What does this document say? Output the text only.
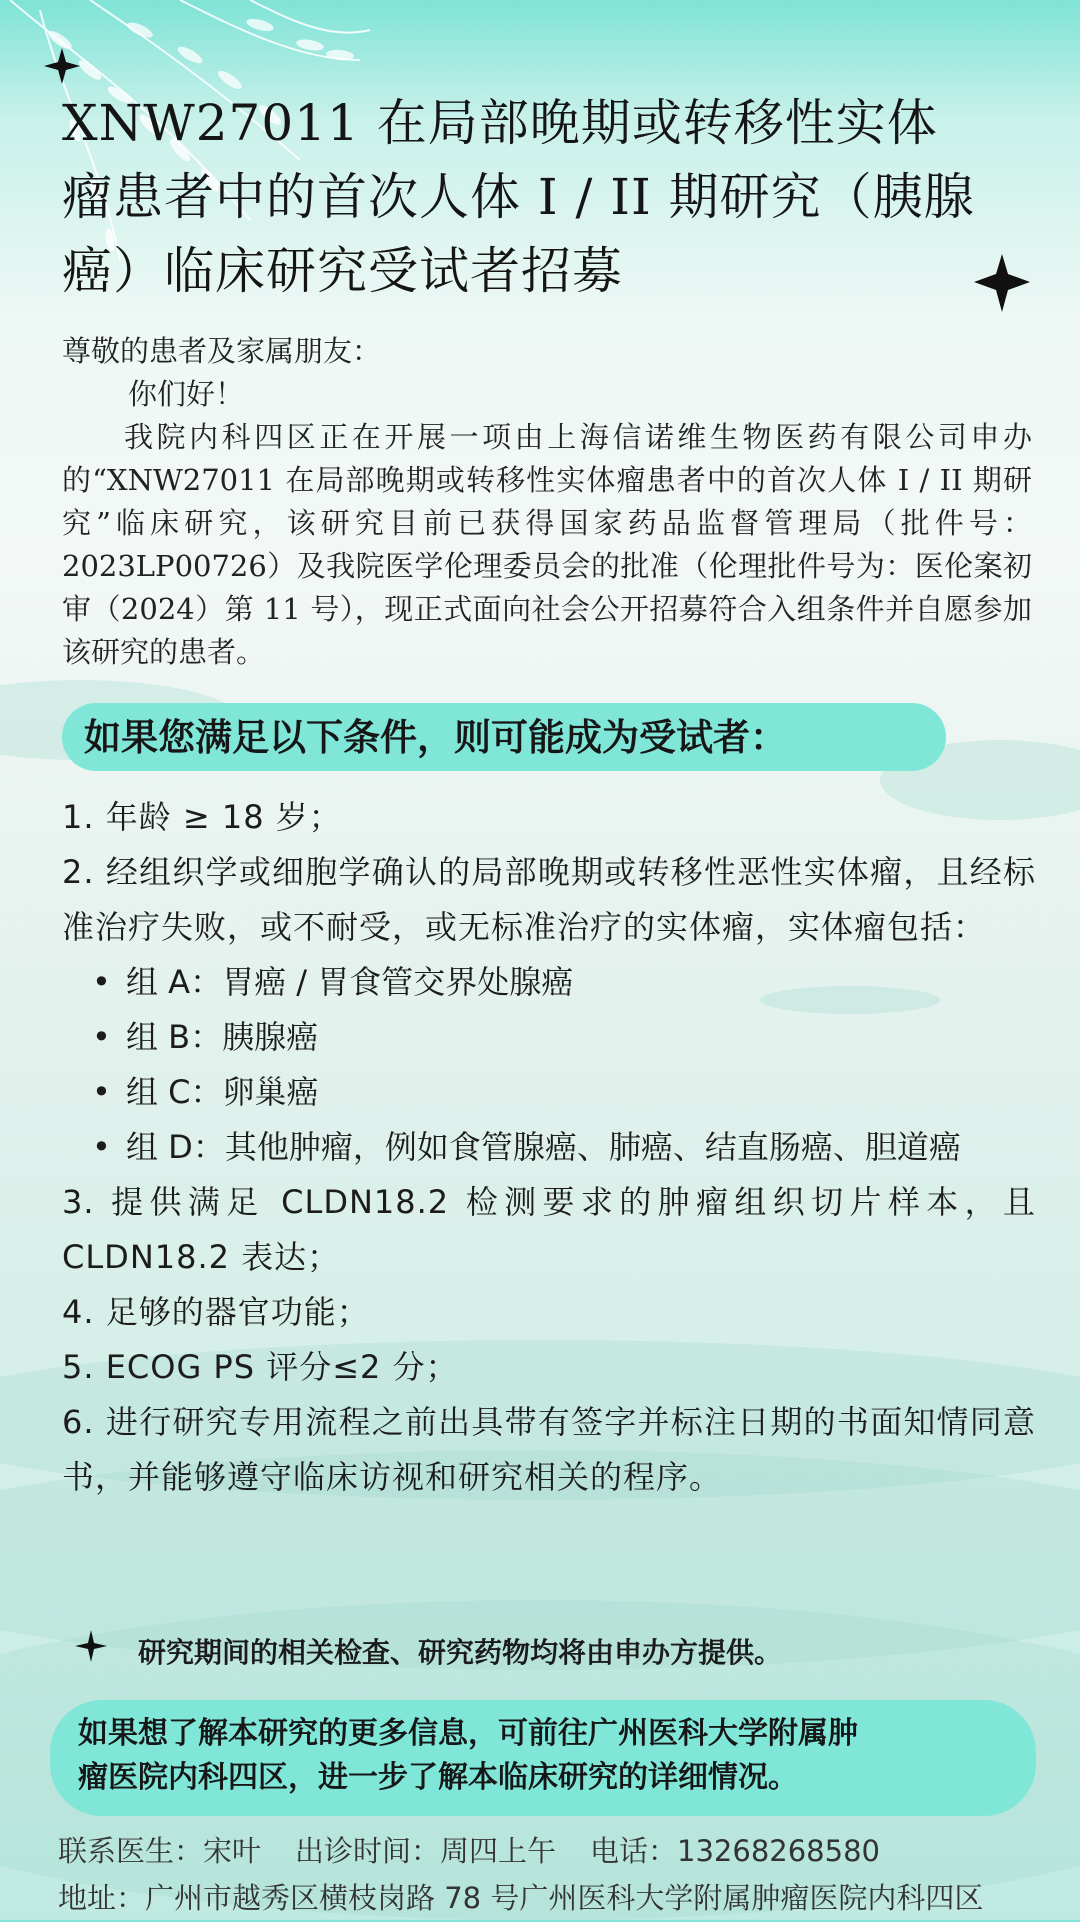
XNW27011 在局部晚期或转移性实体
瘤患者中的首次人体 I / II 期研究（胰腺
癌）临床研究受试者招募

尊敬的患者及家属朋友：

你们好！

我院内科四区正在开展一项由上海信诺维生物医药有限公司申办的“XNW27011 在局部晚期或转移性实体瘤患者中的首次人体 I / II 期研究”临床研究，该研究目前已获得国家药品监督管理局（批件号：2023LP00726）及我院医学伦理委员会的批准（伦理批件号为：医伦案初审（2024）第 11 号），现正式面向社会公开招募符合入组条件并自愿参加该研究的患者。

如果您满足以下条件，则可能成为受试者：

1. 年龄 ≥ 18 岁；

2. 经组织学或细胞学确认的局部晚期或转移性恶性实体瘤，且经标准治疗失败，或不耐受，或无标准治疗的实体瘤，实体瘤包括：

• 组 A：胃癌 / 胃食管交界处腺癌
• 组 B：胰腺癌
• 组 C：卵巢癌
• 组 D：其他肿瘤，例如食管腺癌、肺癌、结直肠癌、胆道癌

3. 提供满足 CLDN18.2 检测要求的肿瘤组织切片样本，且 CLDN18.2 表达；

4. 足够的器官功能；

5. ECOG PS 评分≤2 分；

6. 进行研究专用流程之前出具带有签字并标注日期的书面知情同意书，并能够遵守临床访视和研究相关的程序。

研究期间的相关检查、研究药物均将由申办方提供。
如果想了解本研究的更多信息，可前往广州医科大学附属肿
瘤医院内科四区，进一步了解本临床研究的详细情况。
联系医生：宋叶 出诊时间：周四上午 电话：13268268580
地址：广州市越秀区横枝岗路 78 号广州医科大学附属肿瘤医院内科四区
